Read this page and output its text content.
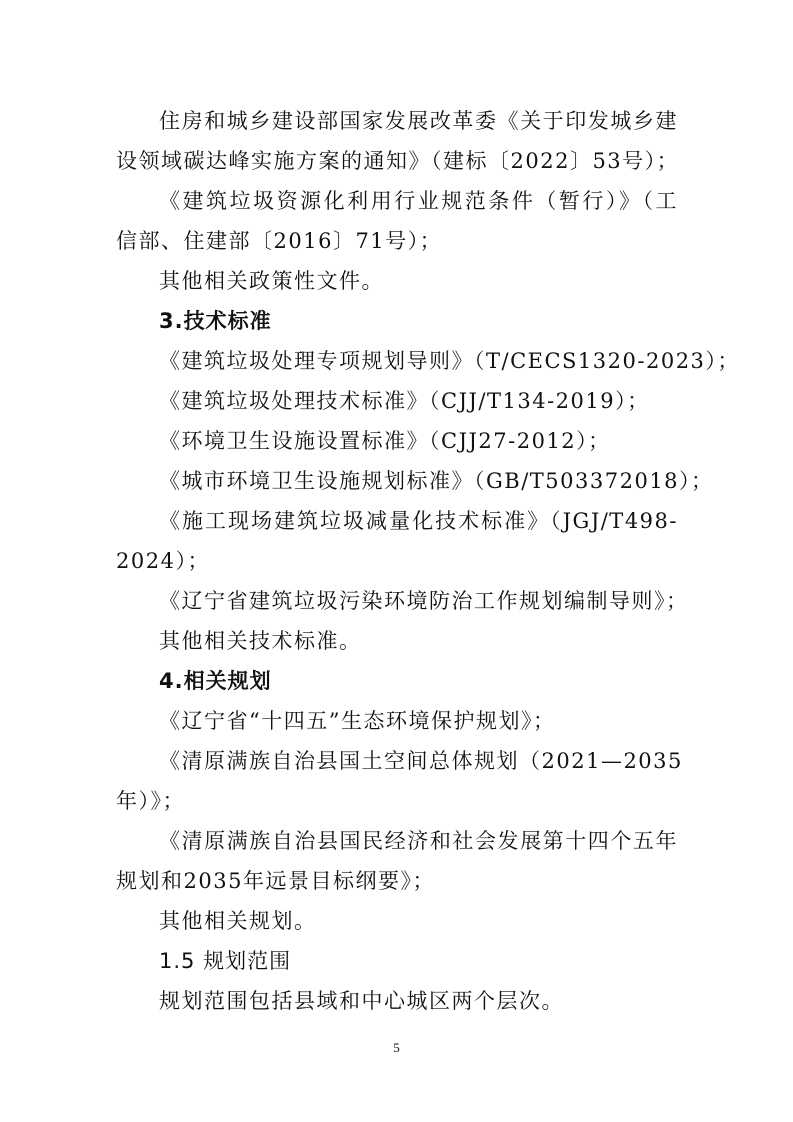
住房和城乡建设部国家发展改革委《关于印发城乡建
设领域碳达峰实施方案的通知》（建标〔2022〕53号）；
《建筑垃圾资源化利用行业规范条件（暂行）》（工
信部、住建部〔2016〕71号）；
其他相关政策性文件。
3.技术标准
《建筑垃圾处理专项规划导则》（T/CECS1320-2023）；
《建筑垃圾处理技术标准》（CJJ/T134-2019）；
《环境卫生设施设置标准》（CJJ27-2012）；
《城市环境卫生设施规划标准》（GB/T503372018）；
《施工现场建筑垃圾减量化技术标准》（JGJ/T498-
2024）；
《辽宁省建筑垃圾污染环境防治工作规划编制导则》；
其他相关技术标准。
4.相关规划
《辽宁省“十四五”生态环境保护规划》；
《清原满族自治县国土空间总体规划（2021—2035
年）》；
《清原满族自治县国民经济和社会发展第十四个五年
规划和2035年远景目标纲要》；
其他相关规划。
1.5 规划范围
规划范围包括县域和中心城区两个层次。
5
